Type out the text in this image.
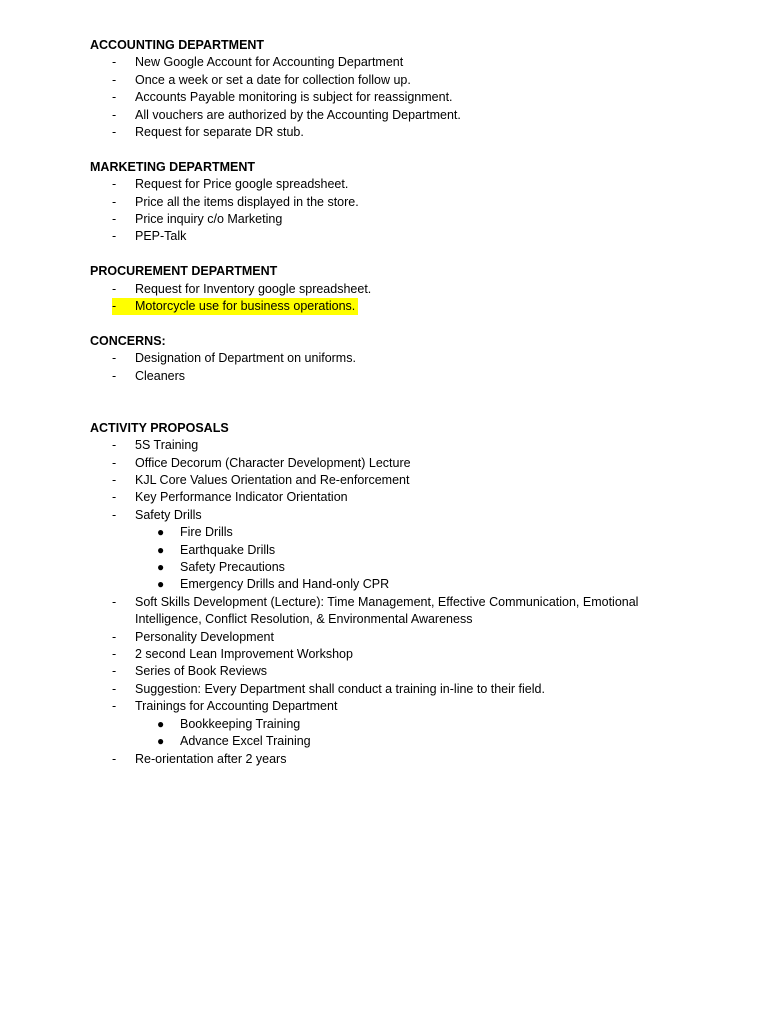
ACCOUNTING DEPARTMENT
- New Google Account for Accounting Department
- Once a week or set a date for collection follow up.
- Accounts Payable monitoring is subject for reassignment.
- All vouchers are authorized by the Accounting Department.
- Request for separate DR stub.
MARKETING DEPARTMENT
- Request for Price google spreadsheet.
- Price all the items displayed in the store.
- Price inquiry c/o Marketing
- PEP-Talk
PROCUREMENT DEPARTMENT
- Request for Inventory google spreadsheet.
- Motorcycle use for business operations.
CONCERNS:
- Designation of Department on uniforms.
- Cleaners
ACTIVITY PROPOSALS
- 5S Training
- Office Decorum (Character Development) Lecture
- KJL Core Values Orientation and Re-enforcement
- Key Performance Indicator Orientation
- Safety Drills
● Fire Drills
● Earthquake Drills
● Safety Precautions
● Emergency Drills and Hand-only CPR
- Soft Skills Development (Lecture): Time Management, Effective Communication, Emotional Intelligence, Conflict Resolution, & Environmental Awareness
- Personality Development
- 2 second Lean Improvement Workshop
- Series of Book Reviews
- Suggestion: Every Department shall conduct a training in-line to their field.
- Trainings for Accounting Department
● Bookkeeping Training
● Advance Excel Training
- Re-orientation after 2 years
